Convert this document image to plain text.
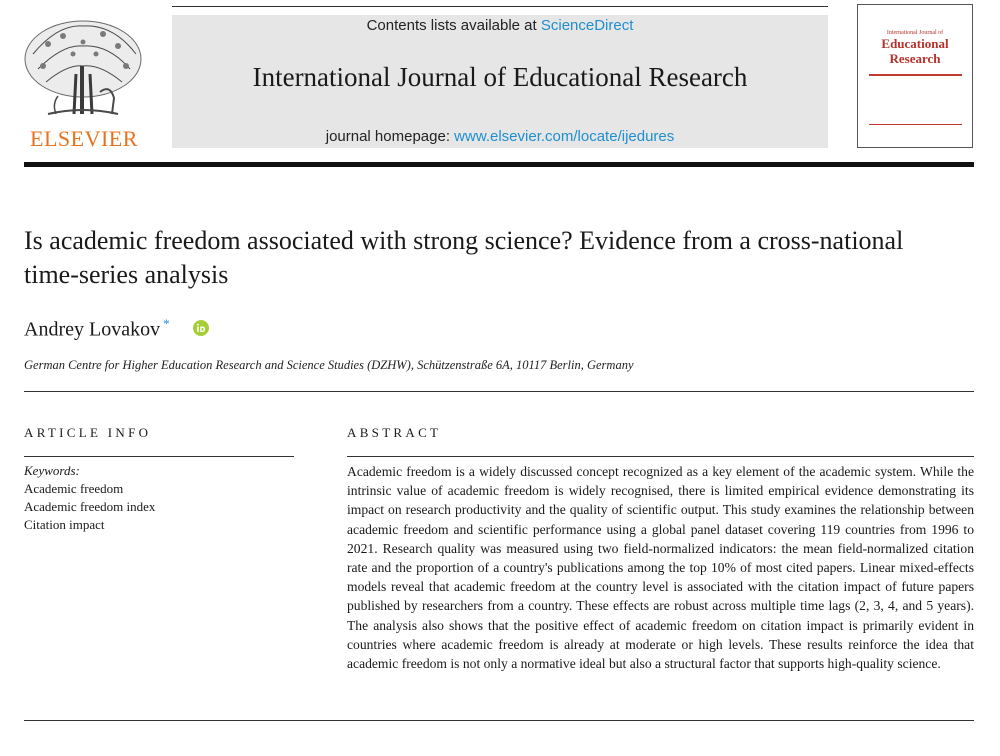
ELSEVIER
Contents lists available at ScienceDirect
International Journal of Educational Research
journal homepage: www.elsevier.com/locate/ijedures
International Journal of
Educational
Research
Is academic freedom associated with strong science? Evidence from a cross-national time-series analysis
Andrey Lovakov *
German Centre for Higher Education Research and Science Studies (DZHW), Schützenstraße 6A, 10117 Berlin, Germany
ARTICLE INFO	ABSTRACT
Keywords:
Academic freedom
Academic freedom index
Citation impact
Academic freedom is a widely discussed concept recognized as a key element of the academic system. While the intrinsic value of academic freedom is widely recognised, there is limited empirical evidence demonstrating its impact on research productivity and the quality of scientific output. This study examines the relationship between academic freedom and scientific performance using a global panel dataset covering 119 countries from 1996 to 2021. Research quality was measured using two field-normalized indicators: the mean field-normalized citation rate and the proportion of a country's publications among the top 10% of most cited papers. Linear mixed-effects models reveal that academic freedom at the country level is associated with the citation impact of future papers published by researchers from a country. These effects are robust across multiple time lags (2, 3, 4, and 5 years). The analysis also shows that the positive effect of academic freedom on citation impact is primarily evident in countries where academic freedom is already at moderate or high levels. These results reinforce the idea that academic freedom is not only a normative ideal but also a structural factor that supports high-quality science.
